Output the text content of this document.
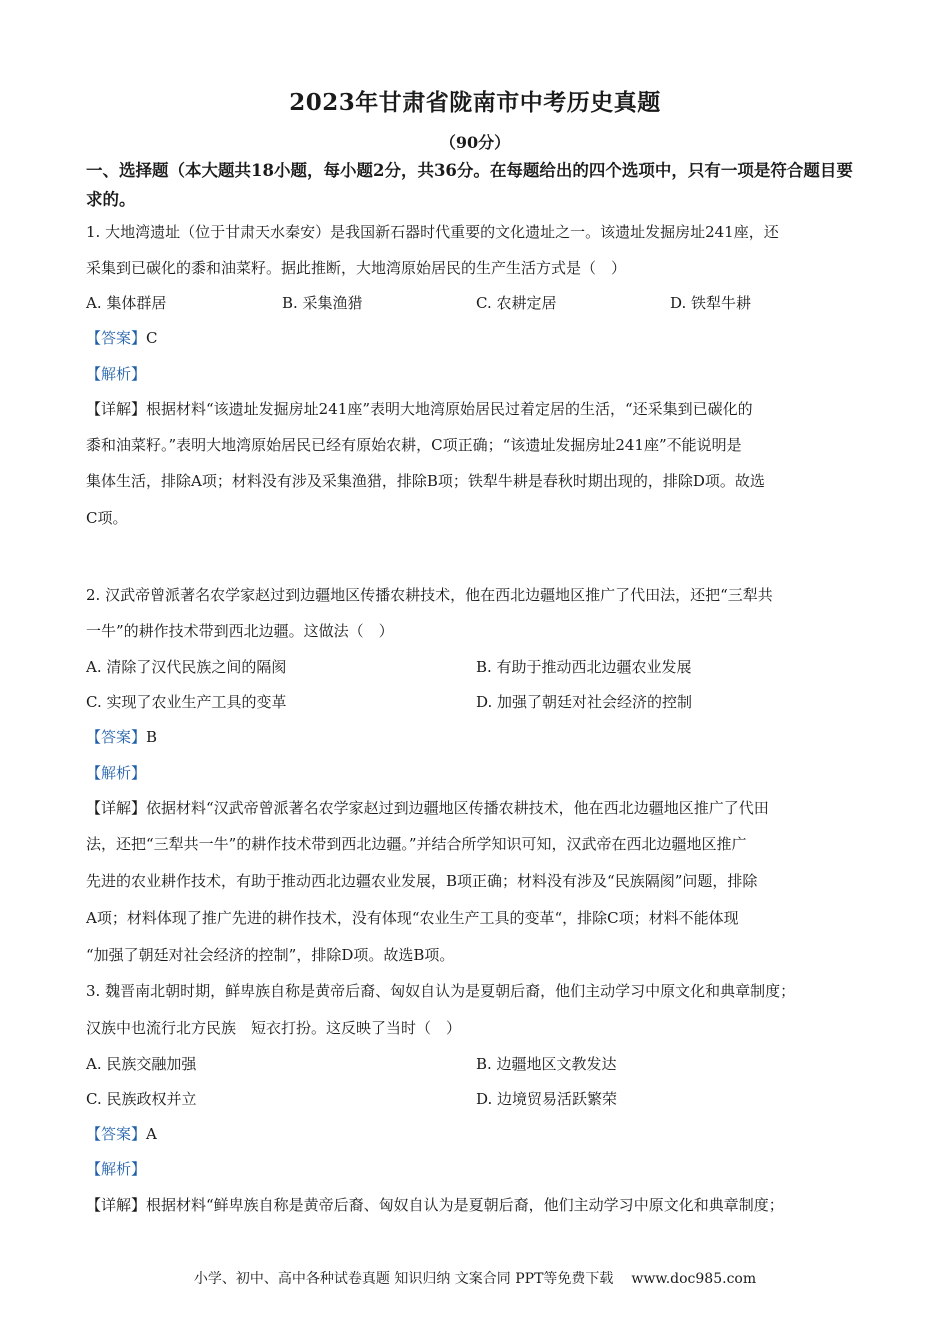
2023年甘肃省陇南市中考历史真题
（90分）
一、选择题（本大题共18小题，每小题2分，共36分。在每题给出的四个选项中，只有一项是符合题目要求的。
1. 大地湾遗址（位于甘肃天水秦安）是我国新石器时代重要的文化遗址之一。该遗址发掘房址241座，还
采集到已碳化的黍和油菜籽。据此推断，大地湾原始居民的生产生活方式是（　）
A. 集体群居	B. 采集渔猎	C. 农耕定居	D. 铁犁牛耕
【答案】C
【解析】
【详解】根据材料“该遗址发掘房址241座”表明大地湾原始居民过着定居的生活，“还采集到已碳化的
黍和油菜籽。”表明大地湾原始居民已经有原始农耕，C项正确；“该遗址发掘房址241座”不能说明是
集体生活，排除A项；材料没有涉及采集渔猎，排除B项；铁犁牛耕是春秋时期出现的，排除D项。故选
C项。
2. 汉武帝曾派著名农学家赵过到边疆地区传播农耕技术，他在西北边疆地区推广了代田法，还把“三犁共
一牛”的耕作技术带到西北边疆。这做法（　）
A. 清除了汉代民族之间的隔阂	B. 有助于推动西北边疆农业发展
C. 实现了农业生产工具的变革	D. 加强了朝廷对社会经济的控制
【答案】B
【解析】
【详解】依据材料“汉武帝曾派著名农学家赵过到边疆地区传播农耕技术，他在西北边疆地区推广了代田
法，还把“三犁共一牛”的耕作技术带到西北边疆。”并结合所学知识可知，汉武帝在西北边疆地区推广
先进的农业耕作技术，有助于推动西北边疆农业发展，B项正确；材料没有涉及“民族隔阂”问题，排除
A项；材料体现了推广先进的耕作技术，没有体现“农业生产工具的变革“，排除C项；材料不能体现
“加强了朝廷对社会经济的控制”，排除D项。故选B项。
3. 魏晋南北朝时期，鲜卑族自称是黄帝后裔、匈奴自认为是夏朝后裔，他们主动学习中原文化和典章制度；
汉族中也流行北方民族　短衣打扮。这反映了当时（　）
A. 民族交融加强	B. 边疆地区文教发达
C. 民族政权并立	D. 边境贸易活跃繁荣
【答案】A
【解析】
【详解】根据材料“鲜卑族自称是黄帝后裔、匈奴自认为是夏朝后裔，他们主动学习中原文化和典章制度；
小学、初中、高中各种试卷真题 知识归纳 文案合同 PPT等免费下载 www.doc985.com
